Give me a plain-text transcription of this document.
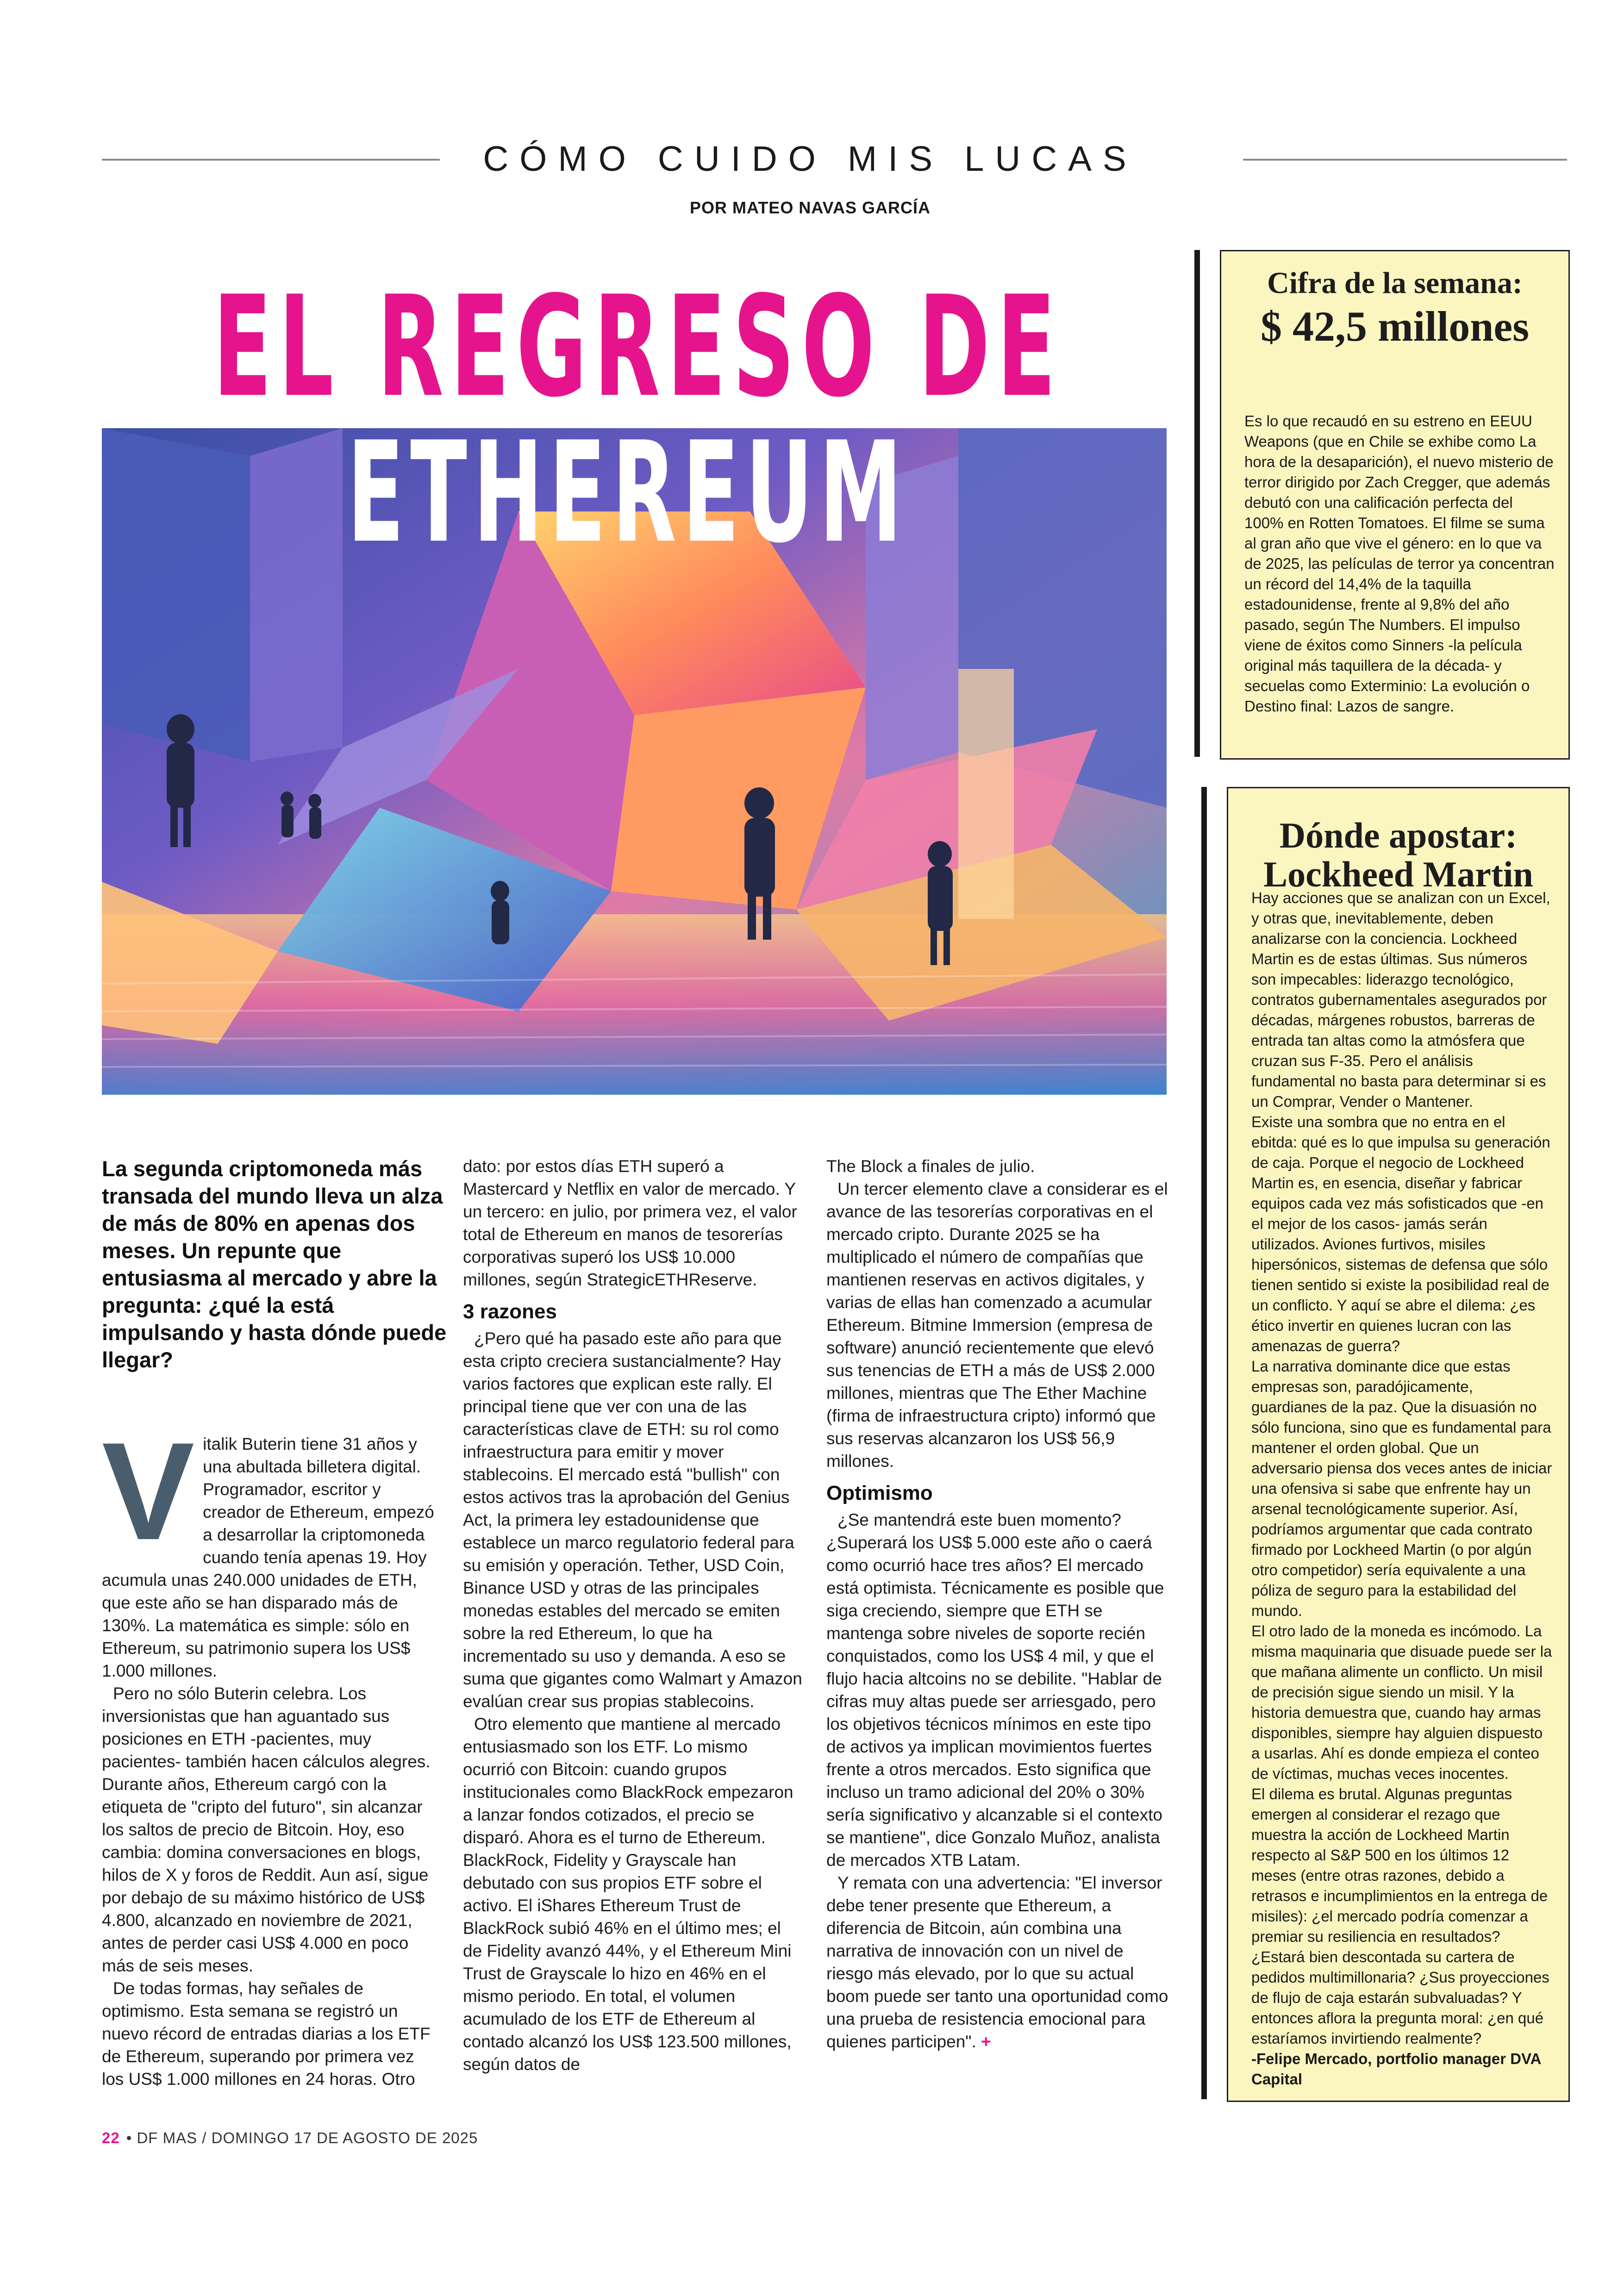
CÓMO CUIDO MIS LUCAS
POR MATEO NAVAS GARCÍA
EL REGRESO DE
ETHEREUM
La segunda criptomoneda más transada del mundo lleva un alza de más de 80% en apenas dos meses. Un repunte que entusiasma al mercado y abre la pregunta: ¿qué la está impulsando y hasta dónde puede llegar?
V italik Buterin tiene 31 años y una abultada billetera digital. Programador, escritor y creador de Ethereum, empezó a desarrollar la criptomoneda cuando tenía apenas 19. Hoy acumula unas 240.000 unidades de ETH, que este año se han disparado más de 130%. La matemática es simple: sólo en Ethereum, su patrimonio supera los US$ 1.000 millones.

Pero no sólo Buterin celebra. Los inversionistas que han aguantado sus posiciones en ETH -pacientes, muy pacientes- también hacen cálculos alegres. Durante años, Ethereum cargó con la etiqueta de "cripto del futuro", sin alcanzar los saltos de precio de Bitcoin. Hoy, eso cambia: domina conversaciones en blogs, hilos de X y foros de Reddit. Aun así, sigue por debajo de su máximo histórico de US$ 4.800, alcanzado en noviembre de 2021, antes de perder casi US$ 4.000 en poco más de seis meses.

De todas formas, hay señales de optimismo. Esta semana se registró un nuevo récord de entradas diarias a los ETF de Ethereum, superando por primera vez los US$ 1.000 millones en 24 horas. Otro

dato: por estos días ETH superó a Mastercard y Netflix en valor de mercado. Y un tercero: en julio, por primera vez, el valor total de Ethereum en manos de tesorerías corporativas superó los US$ 10.000 millones, según StrategicETHReserve.

3 razones

¿Pero qué ha pasado este año para que esta cripto creciera sustancialmente? Hay varios factores que explican este rally. El principal tiene que ver con una de las características clave de ETH: su rol como infraestructura para emitir y mover stablecoins. El mercado está "bullish" con estos activos tras la aprobación del Genius Act, la primera ley estadounidense que establece un marco regulatorio federal para su emisión y operación. Tether, USD Coin, Binance USD y otras de las principales monedas estables del mercado se emiten sobre la red Ethereum, lo que ha incrementado su uso y demanda. A eso se suma que gigantes como Walmart y Amazon evalúan crear sus propias stablecoins.

Otro elemento que mantiene al mercado entusiasmado son los ETF. Lo mismo ocurrió con Bitcoin: cuando grupos institucionales como BlackRock empezaron a lanzar fondos cotizados, el precio se disparó. Ahora es el turno de Ethereum. BlackRock, Fidelity y Grayscale han debutado con sus propios ETF sobre el activo. El iShares Ethereum Trust de BlackRock subió 46% en el último mes; el de Fidelity avanzó 44%, y el Ethereum Mini Trust de Grayscale lo hizo en 46% en el mismo periodo. En total, el volumen acumulado de los ETF de Ethereum al contado alcanzó los US$ 123.500 millones, según datos de

The Block a finales de julio.

Un tercer elemento clave a considerar es el avance de las tesorerías corporativas en el mercado cripto. Durante 2025 se ha multiplicado el número de compañías que mantienen reservas en activos digitales, y varias de ellas han comenzado a acumular Ethereum. Bitmine Immersion (empresa de software) anunció recientemente que elevó sus tenencias de ETH a más de US$ 2.000 millones, mientras que The Ether Machine (firma de infraestructura cripto) informó que sus reservas alcanzaron los US$ 56,9 millones.

Optimismo

¿Se mantendrá este buen momento? ¿Superará los US$ 5.000 este año o caerá como ocurrió hace tres años? El mercado está optimista. Técnicamente es posible que siga creciendo, siempre que ETH se mantenga sobre niveles de soporte recién conquistados, como los US$ 4 mil, y que el flujo hacia altcoins no se debilite. "Hablar de cifras muy altas puede ser arriesgado, pero los objetivos técnicos mínimos en este tipo de activos ya implican movimientos fuertes frente a otros mercados. Esto significa que incluso un tramo adicional del 20% o 30% sería significativo y alcanzable si el contexto se mantiene", dice Gonzalo Muñoz, analista de mercados XTB Latam.

Y remata con una advertencia: "El inversor debe tener presente que Ethereum, a diferencia de Bitcoin, aún combina una narrativa de innovación con un nivel de riesgo más elevado, por lo que su actual boom puede ser tanto una oportunidad como una prueba de resistencia emocional para quienes participen". +

Cifra de la semana:
$ 42,5 millones
Es lo que recaudó en su estreno en EEUU Weapons (que en Chile se exhibe como La hora de la desaparición), el nuevo misterio de terror dirigido por Zach Cregger, que además debutó con una calificación perfecta del 100% en Rotten Tomatoes. El filme se suma al gran año que vive el género: en lo que va de 2025, las películas de terror ya concentran un récord del 14,4% de la taquilla estadounidense, frente al 9,8% del año pasado, según The Numbers. El impulso viene de éxitos como Sinners -la película original más taquillera de la década- y secuelas como Exterminio: La evolución o Destino final: Lazos de sangre.
Dónde apostar: Lockheed Martin

Hay acciones que se analizan con un Excel, y otras que, inevitablemente, deben analizarse con la conciencia. Lockheed Martin es de estas últimas. Sus números son impecables: liderazgo tecnológico, contratos gubernamentales asegurados por décadas, márgenes robustos, barreras de entrada tan altas como la atmósfera que cruzan sus F-35. Pero el análisis fundamental no basta para determinar si es un Comprar, Vender o Mantener.

Existe una sombra que no entra en el ebitda: qué es lo que impulsa su generación de caja. Porque el negocio de Lockheed Martin es, en esencia, diseñar y fabricar equipos cada vez más sofisticados que -en el mejor de los casos- jamás serán utilizados. Aviones furtivos, misiles hipersónicos, sistemas de defensa que sólo tienen sentido si existe la posibilidad real de un conflicto. Y aquí se abre el dilema: ¿es ético invertir en quienes lucran con las amenazas de guerra?

La narrativa dominante dice que estas empresas son, paradójicamente, guardianes de la paz. Que la disuasión no sólo funciona, sino que es fundamental para mantener el orden global. Que un adversario piensa dos veces antes de iniciar una ofensiva si sabe que enfrente hay un arsenal tecnológicamente superior. Así, podríamos argumentar que cada contrato firmado por Lockheed Martin (o por algún otro competidor) sería equivalente a una póliza de seguro para la estabilidad del mundo.

El otro lado de la moneda es incómodo. La misma maquinaria que disuade puede ser la que mañana alimente un conflicto. Un misil de precisión sigue siendo un misil. Y la historia demuestra que, cuando hay armas disponibles, siempre hay alguien dispuesto a usarlas. Ahí es donde empieza el conteo de víctimas, muchas veces inocentes.

El dilema es brutal. Algunas preguntas emergen al considerar el rezago que muestra la acción de Lockheed Martin respecto al S&P 500 en los últimos 12 meses (entre otras razones, debido a retrasos e incumplimientos en la entrega de misiles): ¿el mercado podría comenzar a premiar su resiliencia en resultados? ¿Estará bien descontada su cartera de pedidos multimillonaria? ¿Sus proyecciones de flujo de caja estarán subvaluadas? Y entonces aflora la pregunta moral: ¿en qué estaríamos invirtiendo realmente?

-Felipe Mercado, portfolio manager DVA Capital

22 • DF MAS / DOMINGO 17 DE AGOSTO DE 2025
